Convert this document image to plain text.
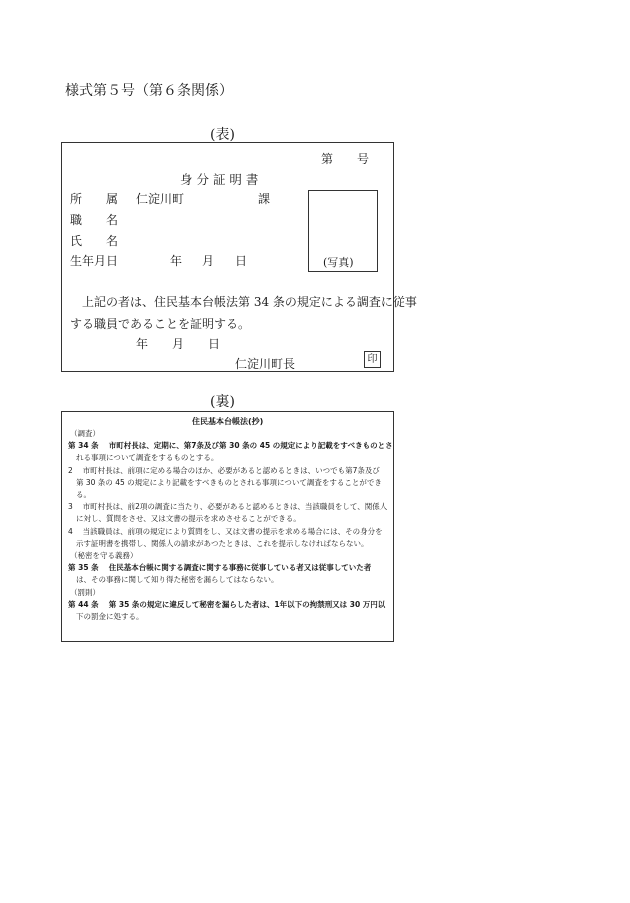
様式第５号（第６条関係）
(表)
第　　号
身 分 証 明 書
所　　属 仁淀川町	課
職　　名
氏　　名
生年月日	年 月 日	(写真)
上記の者は、住民基本台帳法第 34 条の規定による調査に従事
する職員であることを証明する。
年　　月　　日
仁淀川町長	印
(裏)
住民基本台帳法(抄)
（調査）
第 34 条　 市町村長は、定期に、第7条及び第 30 条の 45 の規定により記載をすべきものとさ
れる事項について調査をするものとする。
2　 市町村長は、前項に定める場合のほか、必要があると認めるときは、いつでも第7条及び
第 30 条の 45 の規定により記載をすべきものとされる事項について調査をすることができ
る。
3　 市町村長は、前2項の調査に当たり、必要があると認めるときは、当該職員をして、関係人
に対し、質問をさせ、又は文書の提示を求めさせることができる。
4　 当該職員は、前項の規定により質問をし、又は文書の提示を求める場合には、その身分を
示す証明書を携帯し、関係人の請求があつたときは、これを提示しなければならない。
（秘密を守る義務）
第 35 条　 住民基本台帳に関する調査に関する事務に従事している者又は従事していた者
は、その事務に関して知り得た秘密を漏らしてはならない。
（罰則）
第 44 条　 第 35 条の規定に違反して秘密を漏らした者は、1年以下の拘禁刑又は 30 万円以
下の罰金に処する。
